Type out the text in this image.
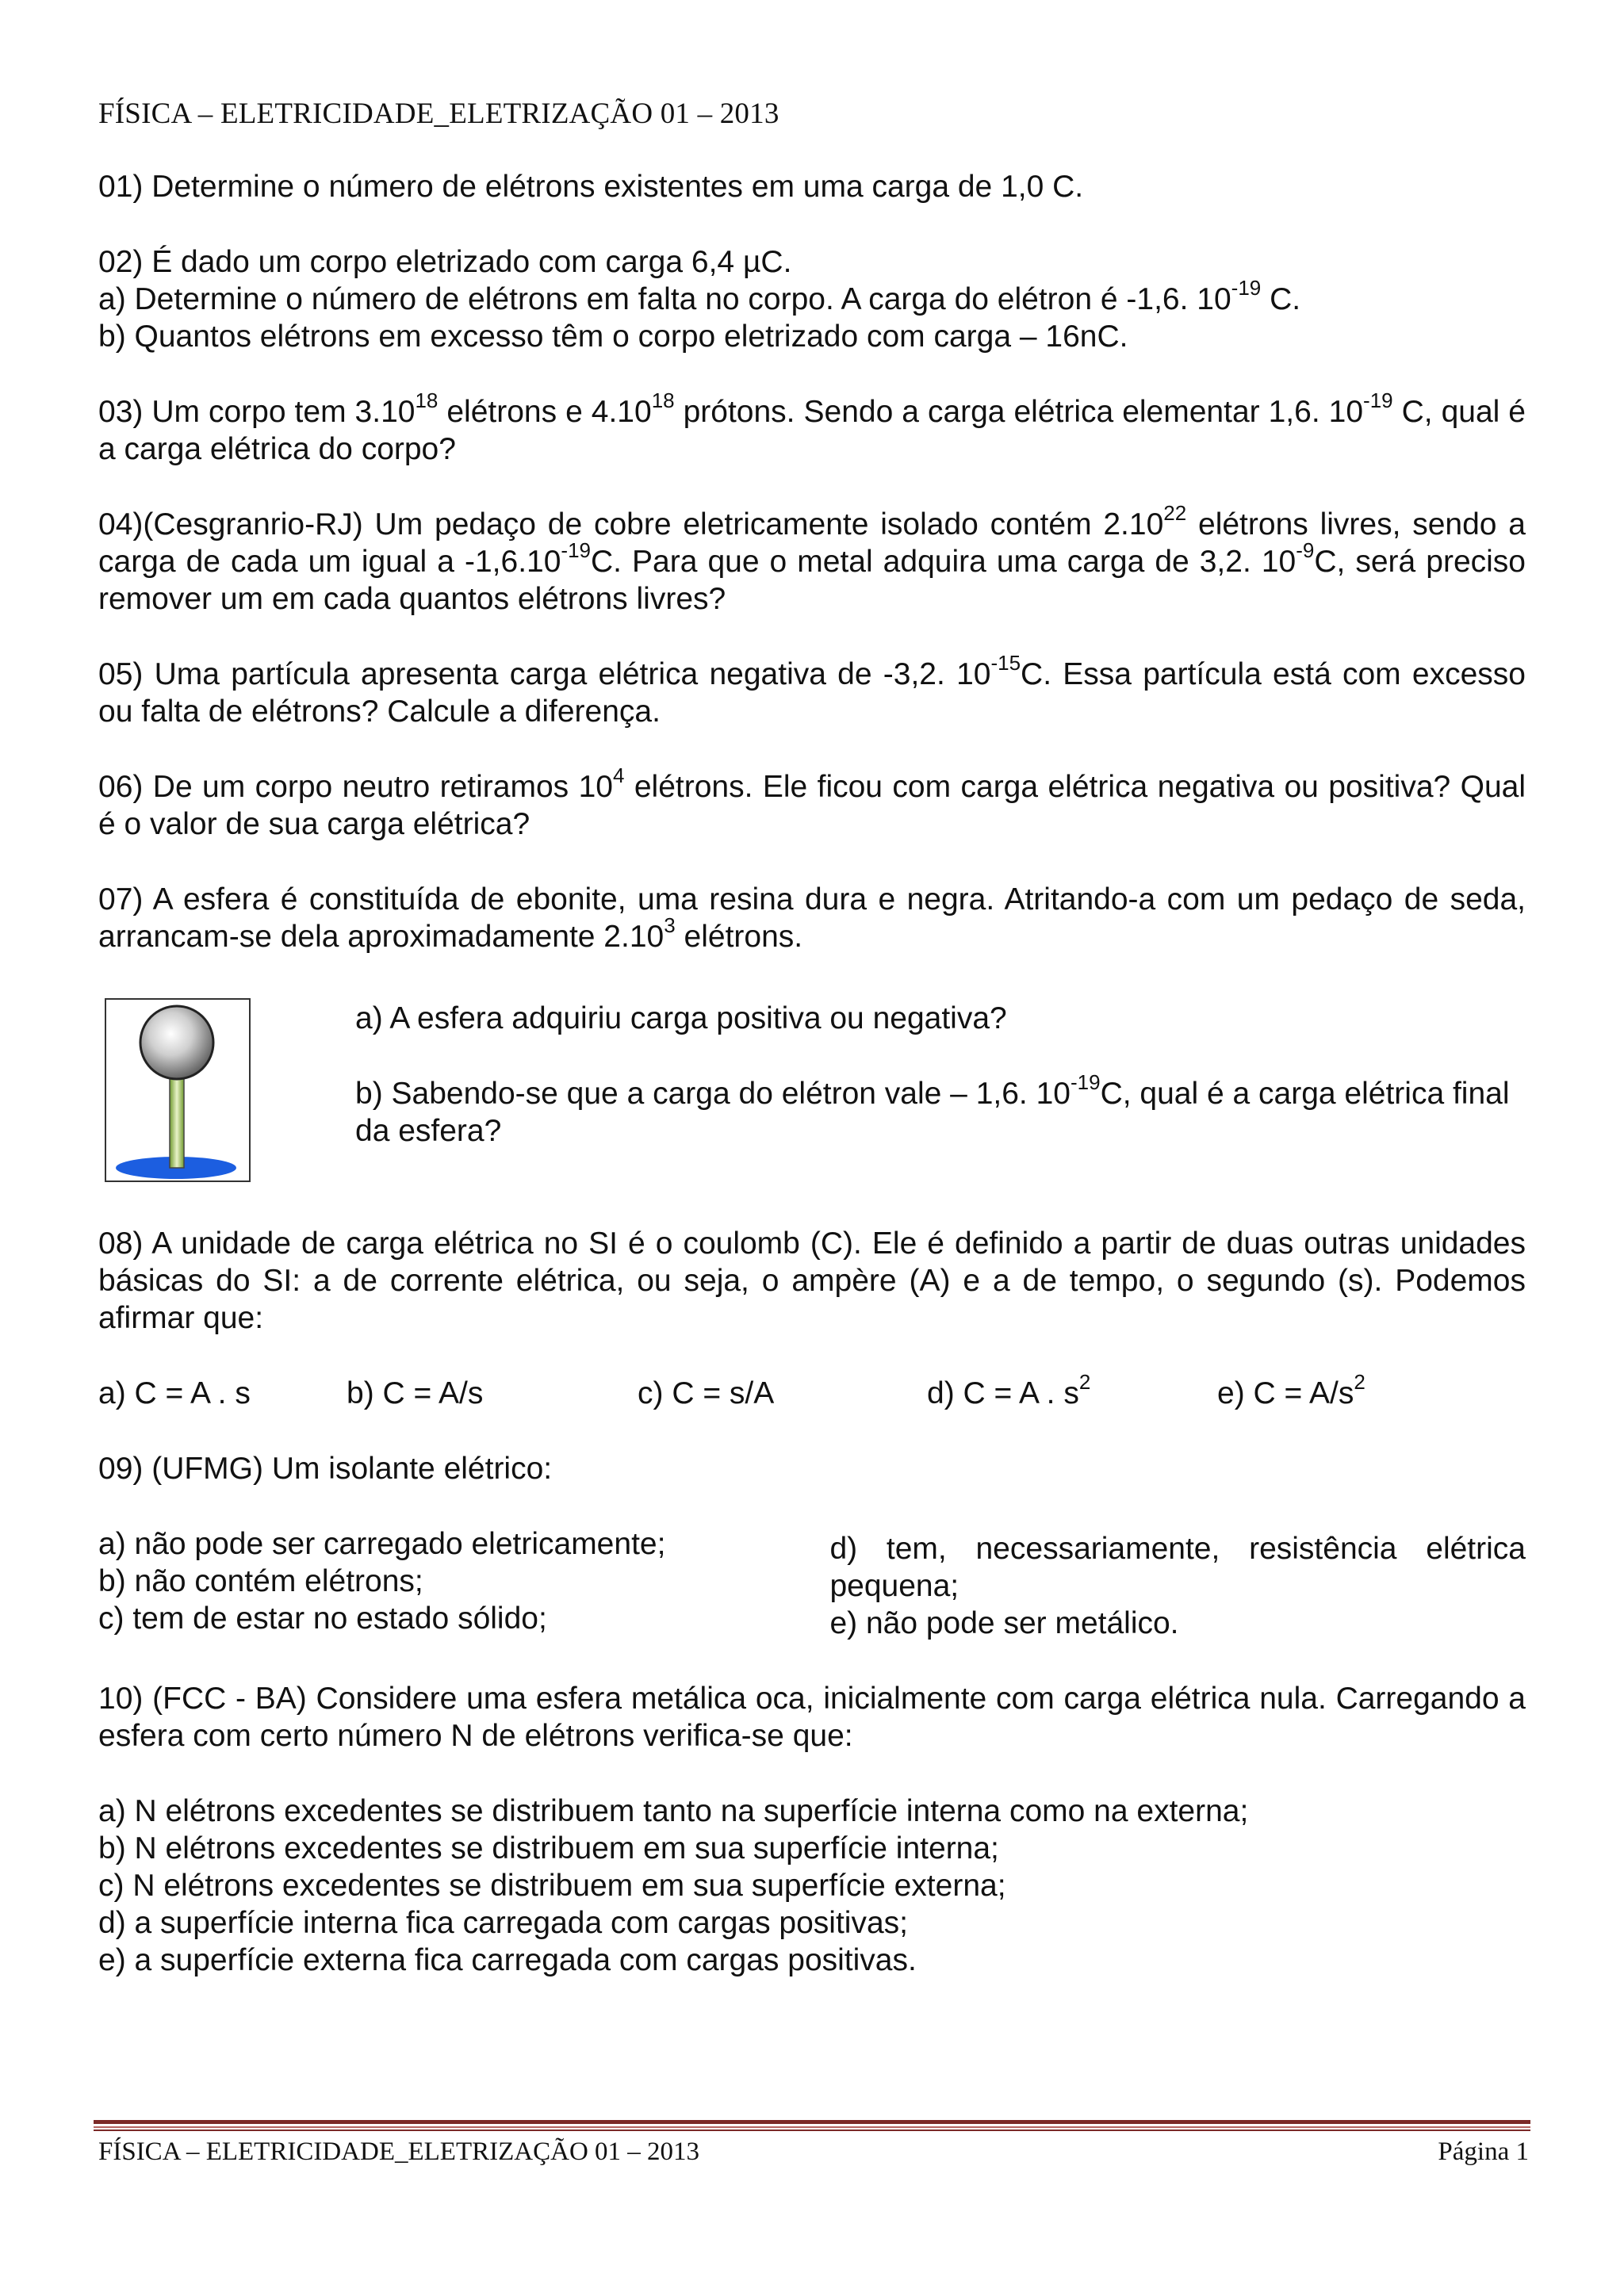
FÍSICA – ELETRICIDADE_ELETRIZAÇÃO 01 – 2013

01) Determine o número de elétrons existentes em uma carga de 1,0 C.

02) É dado um corpo eletrizado com carga 6,4 µC.

a) Determine o número de elétrons em falta no corpo. A carga do elétron é -1,6. $10^{-19}$ C.

b) Quantos elétrons em excesso têm o corpo eletrizado com carga – 16nC.

03) Um corpo tem 3.10$^{18}$ elétrons e 4.10$^{18}$ prótons. Sendo a carga elétrica elementar 1,6. $10^{-19}$ C, qual é a carga elétrica do corpo?

04)(Cesgranrio-RJ) Um pedaço de cobre eletricamente isolado contém 2.10$^{22}$ elétrons livres, sendo a carga de cada um igual a $-1,6.10^{-19}C$. Para que o metal adquira uma carga de 3,2. $10^{-9}C$, será preciso remover um em cada quantos elétrons livres?

05) Uma partícula apresenta carga elétrica negativa de -3,2. $10^{-15}C$. Essa partícula está com excesso ou falta de elétrons? Calcule a diferença.

06) De um corpo neutro retiramos $10^4$ elétrons. Ele ficou com carga elétrica negativa ou positiva? Qual é o valor de sua carga elétrica?

07) A esfera é constituída de ebonite, uma resina dura e negra. Atritando-a com um pedaço de seda, arrancam-se dela aproximadamente 2.10$^3$ elétrons.

a) A esfera adquiriu carga positiva ou negativa?

b) Sabendo-se que a carga do elétron vale – 1,6. $10^{-19}C$, qual é a carga elétrica final da esfera?

08) A unidade de carga elétrica no SI é o coulomb (C). Ele é definido a partir de duas outras unidades básicas do SI: a de corrente elétrica, ou seja, o ampère (A) e a de tempo, o segundo (s). Podemos afirmar que:

a) C = A . s	b) C = A/s	c) C = s/A	d) C = A . $s^2$	e) $C = A/s^2$

09) (UFMG) Um isolante elétrico:

a) não pode ser carregado eletricamente;

b) não contém elétrons;

c) tem de estar no estado sólido;

d) tem, necessariamente, resistência elétrica pequena;

e) não pode ser metálico.

10) (FCC - BA) Considere uma esfera metálica oca, inicialmente com carga elétrica nula. Carregando a esfera com certo número N de elétrons verifica-se que:

a) N elétrons excedentes se distribuem tanto na superfície interna como na externa;

b) N elétrons excedentes se distribuem em sua superfície interna;

c) N elétrons excedentes se distribuem em sua superfície externa;

d) a superfície interna fica carregada com cargas positivas;

e) a superfície externa fica carregada com cargas positivas.

FÍSICA – ELETRICIDADE_ELETRIZAÇÃO 01 – 2013	Página 1
